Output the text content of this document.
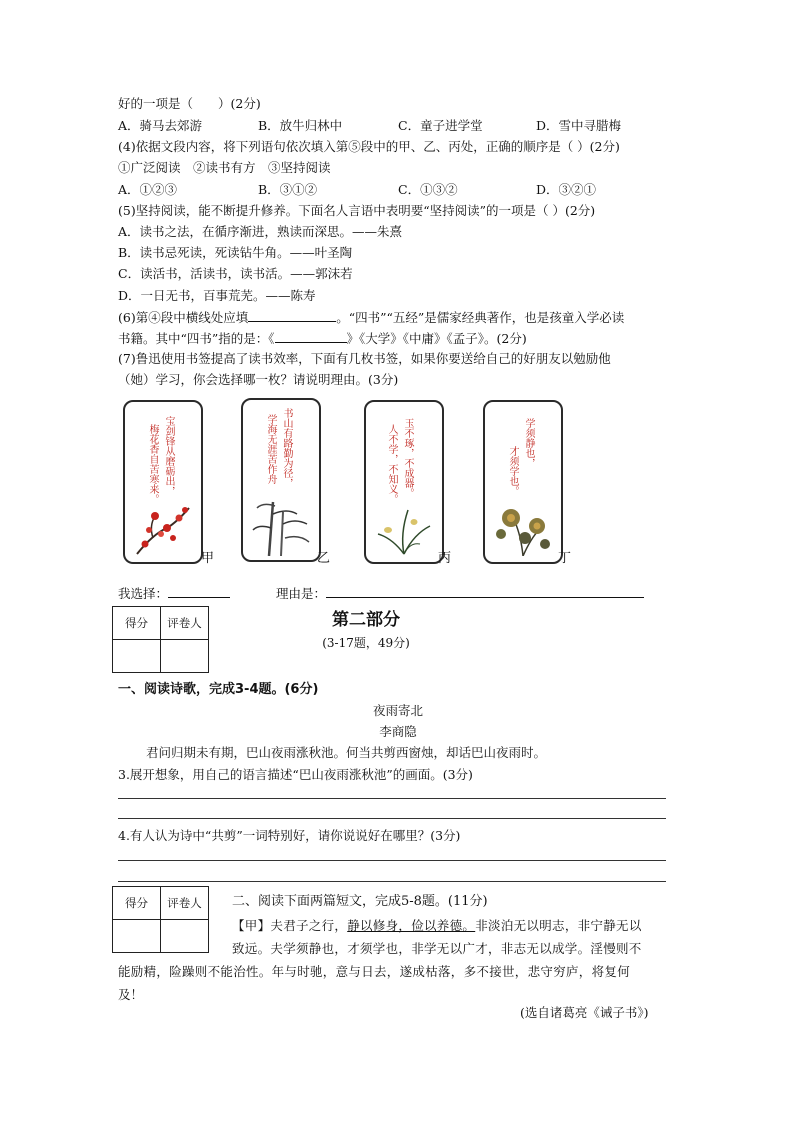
好的一项是（　　）(2分)
A．骑马去郊游	B．放牛归林中	C．童子进学堂	D．雪中寻腊梅
(4)依据文段内容，将下列语句依次填入第⑤段中的甲、乙、丙处，正确的顺序是（ ）(2分)
①广泛阅读　②读书有方　③坚持阅读
A．①②③	B．③①②	C．①③②	D．③②①
(5)坚持阅读，能不断提升修养。下面名人言语中表明要“坚持阅读”的一项是（ ）(2分)
A．读书之法，在循序渐进，熟读而深思。——朱熹
B．读书忌死读，死读钻牛角。——叶圣陶
C．读活书，活读书，读书活。——郭沫若
D．一日无书，百事荒芜。——陈寿
(6)第④段中横线处应填	。“四书”“五经”是儒家经典著作，也是孩童入学必读
书籍。其中“四书”指的是：《	》《大学》《中庸》《孟子》。(2分)
(7)鲁迅使用书签提高了读书效率，下面有几枚书签，如果你要送给自己的好朋友以勉励他
（她）学习，你会选择哪一枚？请说明理由。(3分)
宝剑锋从磨砺出，
梅花香自苦寒来。
甲
书山有路勤为径，
学海无涯苦作舟
乙
玉不琢，不成器。
人不学，不知义。
丙
学须静也，
才须学也。
丁
我选择：	理由是：
得分	评卷人
		第二部分
(3-17题，49分)
一、阅读诗歌，完成3-4题。(6分)
夜雨寄北
李商隐
君问归期未有期，巴山夜雨涨秋池。何当共剪西窗烛，却话巴山夜雨时。
3.展开想象，用自己的语言描述“巴山夜雨涨秋池”的画面。(3分)
4.有人认为诗中“共剪”一词特别好，请你说说好在哪里？(3分)
得分	评卷人
	二、阅读下面两篇短文，完成5-8题。(11分)
【甲】夫君子之行，静以修身，俭以养德。非淡泊无以明志，非宁静无以
致远。夫学须静也，才须学也，非学无以广才，非志无以成学。淫慢则不
能励精，险躁则不能治性。年与时驰，意与日去，遂成枯落，多不接世，悲守穷庐，将复何
及！
(选自诸葛亮《诫子书》)
